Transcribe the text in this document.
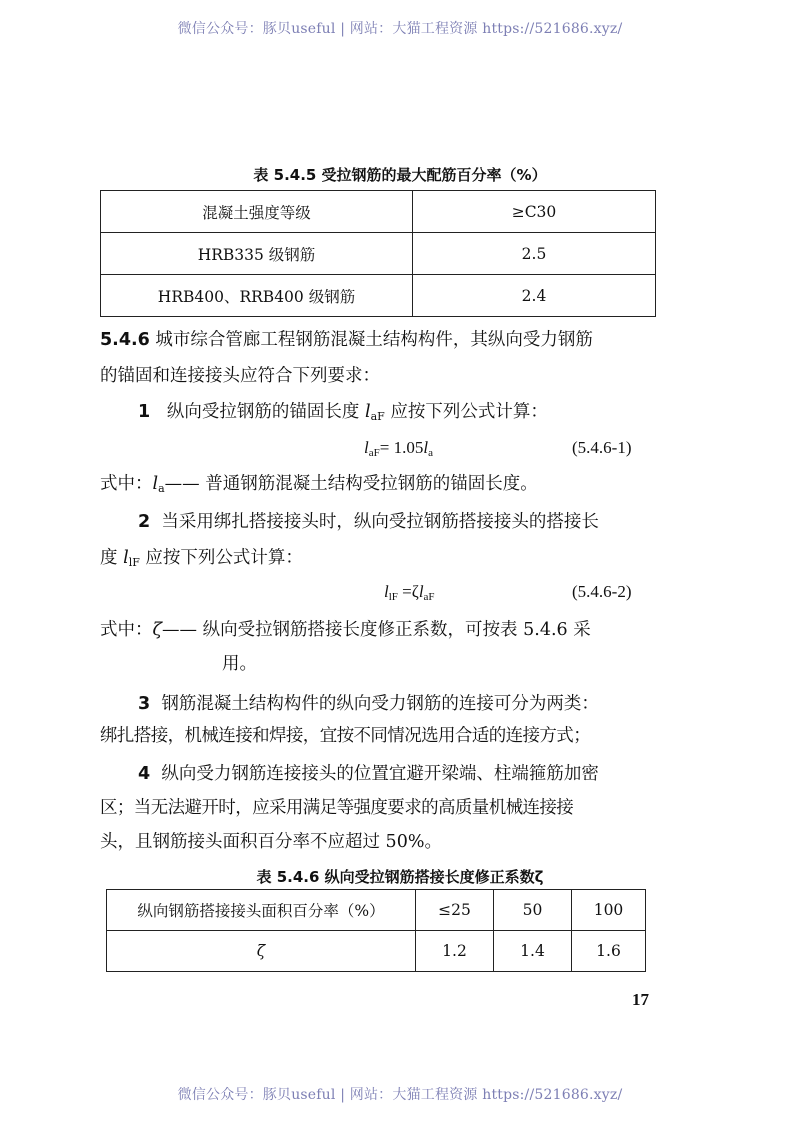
微信公众号：豚贝useful | 网站：大猫工程资源 https://521686.xyz/
表 5.4.5 受拉钢筋的最大配筋百分率（%）
混凝土强度等级	≥C30
HRB335 级钢筋	2.5
HRB400、RRB400 级钢筋	2.4
5.4.6 城市综合管廊工程钢筋混凝土结构构件，其纵向受力钢筋
的锚固和连接接头应符合下列要求：
1 纵向受拉钢筋的锚固长度 $l_{aF}$ 应按下列公式计算：
$l_{aF}= 1.05l_a$	(5.4.6-1)
式中：$l_a——$ 普通钢筋混凝土结构受拉钢筋的锚固长度。
2 当采用绑扎搭接接头时，纵向受拉钢筋搭接接头的搭接长
度 $l_{lF}$ 应按下列公式计算：
$l_{lF} =\zeta l_{aF}$	(5.4.6-2)
式中：ζ—— 纵向受拉钢筋搭接长度修正系数，可按表 5.4.6 采
用。
3 钢筋混凝土结构构件的纵向受力钢筋的连接可分为两类：
绑扎搭接，机械连接和焊接，宜按不同情况选用合适的连接方式；
4 纵向受力钢筋连接接头的位置宜避开梁端、柱端箍筋加密
区；当无法避开时，应采用满足等强度要求的高质量机械连接接
头，且钢筋接头面积百分率不应超过 50%。
表 5.4.6 纵向受拉钢筋搭接长度修正系数ζ
纵向钢筋搭接接头面积百分率（%）	≤25	50	100
ζ	1.2	1.4	1.6
17
微信公众号：豚贝useful | 网站：大猫工程资源 https://521686.xyz/
